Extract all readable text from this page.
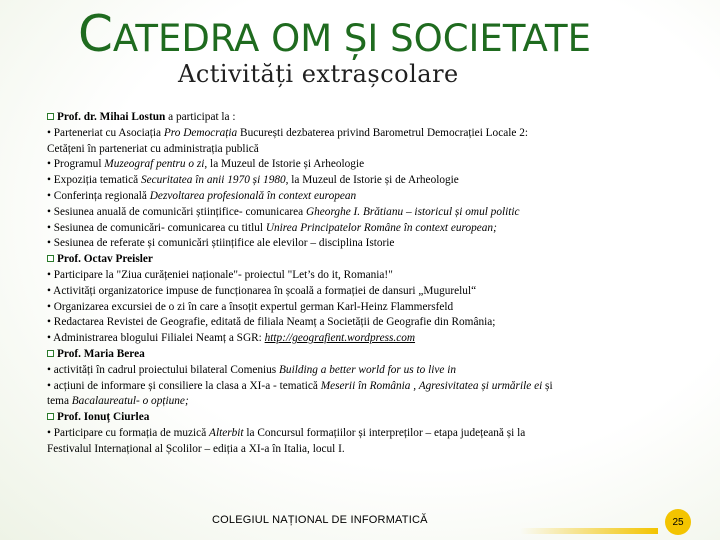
CATEDRA OM ȘI SOCIETATE
Activități extrașcolare
Prof. dr. Mihai Lostun a participat la :
• Parteneriat cu Asociația Pro Democrația București dezbaterea privind Barometrul Democrației Locale 2:
Cetățeni în parteneriat cu administrația publică
• Programul Muzeograf pentru o zi, la Muzeul de Istorie și Arheologie
• Expoziția tematică Securitatea în anii 1970 și 1980, la Muzeul de Istorie și de Arheologie
• Conferința regională Dezvoltarea profesională în context european
• Sesiunea anuală de comunicări științifice- comunicarea Gheorghe I. Brătianu – istoricul și omul politic
• Sesiunea de comunicări- comunicarea cu titlul Unirea Principatelor Române în context european;
• Sesiunea de referate și comunicări științifice ale elevilor – disciplina Istorie
Prof. Octav Preisler
• Participare la "Ziua curățeniei naționale"- proiectul "Let’s do it, Romania!"
• Activități organizatorice impuse de funcționarea în școală a formației de dansuri „Mugurelul“
• Organizarea excursiei de o zi în care a însoțit expertul german Karl-Heinz Flammersfeld
• Redactarea Revistei de Geografie, editată de filiala Neamț a Societății de Geografie din România;
• Administrarea blogului Filialei Neamț a SGR: http://geografient.wordpress.com
Prof. Maria Berea
• activități în cadrul proiectului bilateral Comenius Building a better world for us to live in
• acțiuni de informare și consiliere la clasa a XI-a - tematică Meserii în România , Agresivitatea și urmările ei și
tema Bacalaureatul- o opțiune;
Prof. Ionuț Ciurlea
• Participare cu formația de muzică Alterbit la Concursul formațiilor și interpreților – etapa județeană și la
Festivalul Internațional al Școlilor – ediția a XI-a în Italia, locul I.
COLEGIUL NAȚIONAL DE INFORMATICĂ	25
